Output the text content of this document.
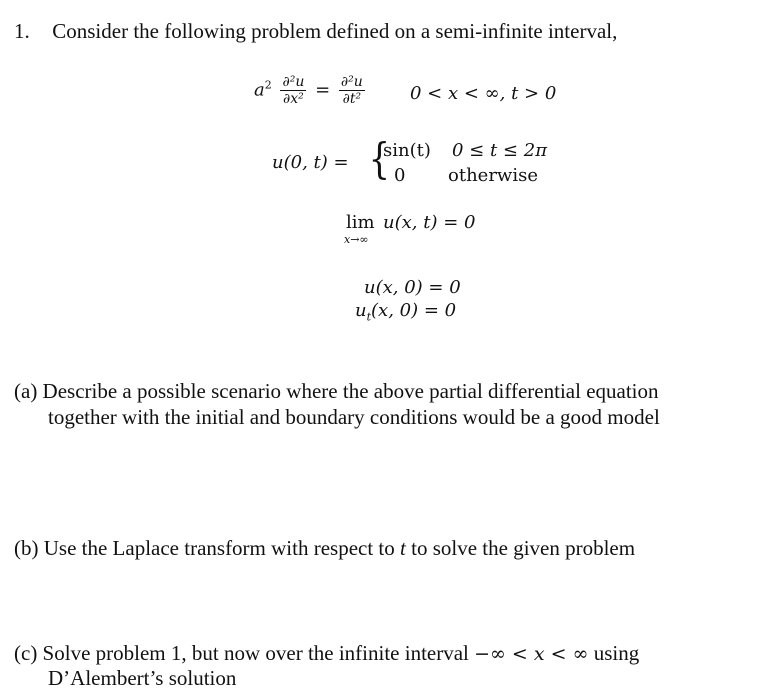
1. Consider the following problem defined on a semi-infinite interval,
$a^2 \frac{\text{∂²u}}{\text{∂x²}} = \frac{\text{∂²u}}{\text{∂t²}}$	0 < x < ∞, t > 0
u(0, t) = {
sin(t) 0 ≤ t ≤ 2π
0 otherwise
lim
x→∞
u(x, t) = 0
u(x, 0) = 0
$u_t(x$, 0) = 0
(a) Describe a possible scenario where the above partial differential equation
together with the initial and boundary conditions would be a good model
(b) Use the Laplace transform with respect to t to solve the given problem
(c) Solve problem 1, but now over the infinite interval −∞ < x < ∞ using
D’Alembert’s solution
